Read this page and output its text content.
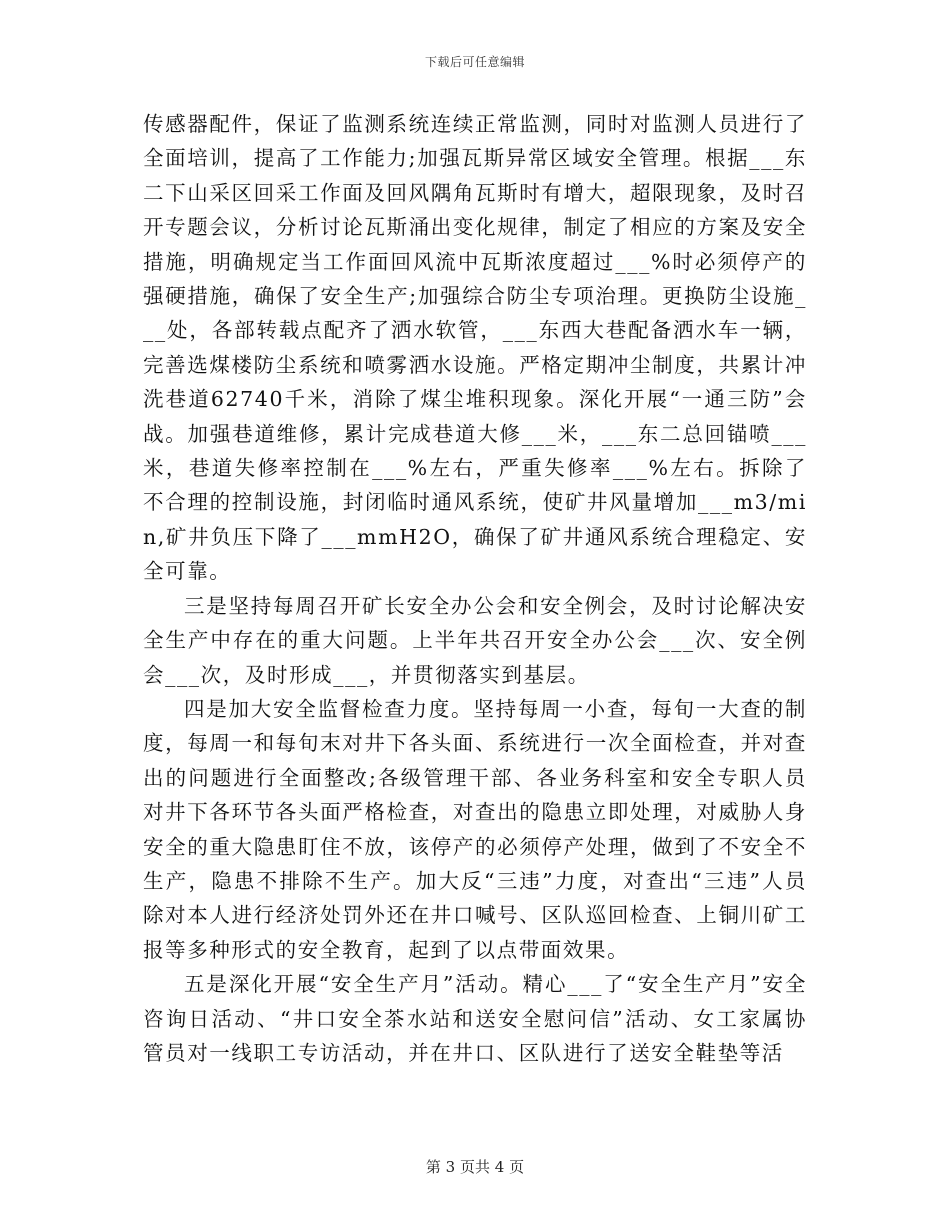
下载后可任意编辑

传感器配件，保证了监测系统连续正常监测，同时对监测人员进行了全面培训，提高了工作能力;加强瓦斯异常区域安全管理。根据___东二下山采区回采工作面及回风隅角瓦斯时有增大，超限现象，及时召开专题会议，分析讨论瓦斯涌出变化规律，制定了相应的方案及安全措施，明确规定当工作面回风流中瓦斯浓度超过___%时必须停产的强硬措施，确保了安全生产;加强综合防尘专项治理。更换防尘设施___处，各部转载点配齐了洒水软管，___东西大巷配备洒水车一辆，完善选煤楼防尘系统和喷雾洒水设施。严格定期冲尘制度，共累计冲洗巷道62740千米，消除了煤尘堆积现象。深化开展“一通三防”会战。加强巷道维修，累计完成巷道大修___米，___东二总回锚喷___米，巷道失修率控制在___%左右，严重失修率___%左右。拆除了不合理的控制设施，封闭临时通风系统，使矿井风量增加___m3/min,矿井负压下降了___mmH2O，确保了矿井通风系统合理稳定、安全可靠。

三是坚持每周召开矿长安全办公会和安全例会，及时讨论解决安全生产中存在的重大问题。上半年共召开安全办公会___次、安全例会___次，及时形成___，并贯彻落实到基层。

四是加大安全监督检查力度。坚持每周一小查，每旬一大查的制度，每周一和每旬末对井下各头面、系统进行一次全面检查，并对查出的问题进行全面整改;各级管理干部、各业务科室和安全专职人员对井下各环节各头面严格检查，对查出的隐患立即处理，对威胁人身安全的重大隐患盯住不放，该停产的必须停产处理，做到了不安全不生产，隐患不排除不生产。加大反“三违”力度，对查出“三违”人员除对本人进行经济处罚外还在井口喊号、区队巡回检查、上铜川矿工报等多种形式的安全教育，起到了以点带面效果。

五是深化开展“安全生产月”活动。精心___了“安全生产月”安全咨询日活动、“井口安全茶水站和送安全慰问信”活动、女工家属协管员对一线职工专访活动，并在井口、区队进行了送安全鞋垫等活

第 3 页共 4 页
